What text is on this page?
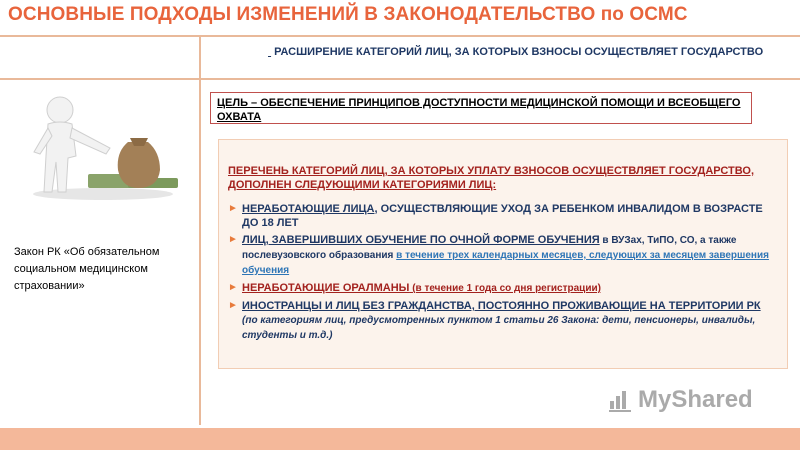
ОСНОВНЫЕ ПОДХОДЫ ИЗМЕНЕНИЙ В ЗАКОНОДАТЕЛЬСТВО по ОСМС
РАСШИРЕНИЕ КАТЕГОРИЙ ЛИЦ, ЗА КОТОРЫХ ВЗНОСЫ ОСУЩЕСТВЛЯЕТ ГОСУДАРСТВО
ЦЕЛЬ – ОБЕСПЕЧЕНИЕ ПРИНЦИПОВ ДОСТУПНОСТИ МЕДИЦИНСКОЙ ПОМОЩИ И ВСЕОБЩЕГО ОХВАТА
ПЕРЕЧЕНЬ КАТЕГОРИЙ ЛИЦ, ЗА КОТОРЫХ УПЛАТУ ВЗНОСОВ ОСУЩЕСТВЛЯЕТ ГОСУДАРСТВО,
ДОПОЛНЕН СЛЕДУЮЩИМИ КАТЕГОРИЯМИ ЛИЦ:
► НЕРАБОТАЮЩИЕ ЛИЦА, ОСУЩЕСТВЛЯЮЩИЕ УХОД ЗА РЕБЕНКОМ ИНВАЛИДОМ В ВОЗРАСТЕ ДО 18 ЛЕТ
► ЛИЦ, ЗАВЕРШИВШИХ ОБУЧЕНИЕ ПО ОЧНОЙ ФОРМЕ ОБУЧЕНИЯ в ВУЗах, ТиПО, СО, а также послевузовского образования в течение трех календарных месяцев, следующих за месяцем завершения обучения
► НЕРАБОТАЮЩИЕ ОРАЛМАНЫ (в течение 1 года со дня регистрации)
► ИНОСТРАНЦЫ И ЛИЦ БЕЗ ГРАЖДАНСТВА, ПОСТОЯННО ПРОЖИВАЮЩИЕ НА ТЕРРИТОРИИ РК
(по категориям лиц, предусмотренных пунктом 1 статьи 26 Закона: дети, пенсионеры, инвалиды, студенты и т.д.)
Закон РК «Об обязательном социальном медицинском страховании»
MyShared
